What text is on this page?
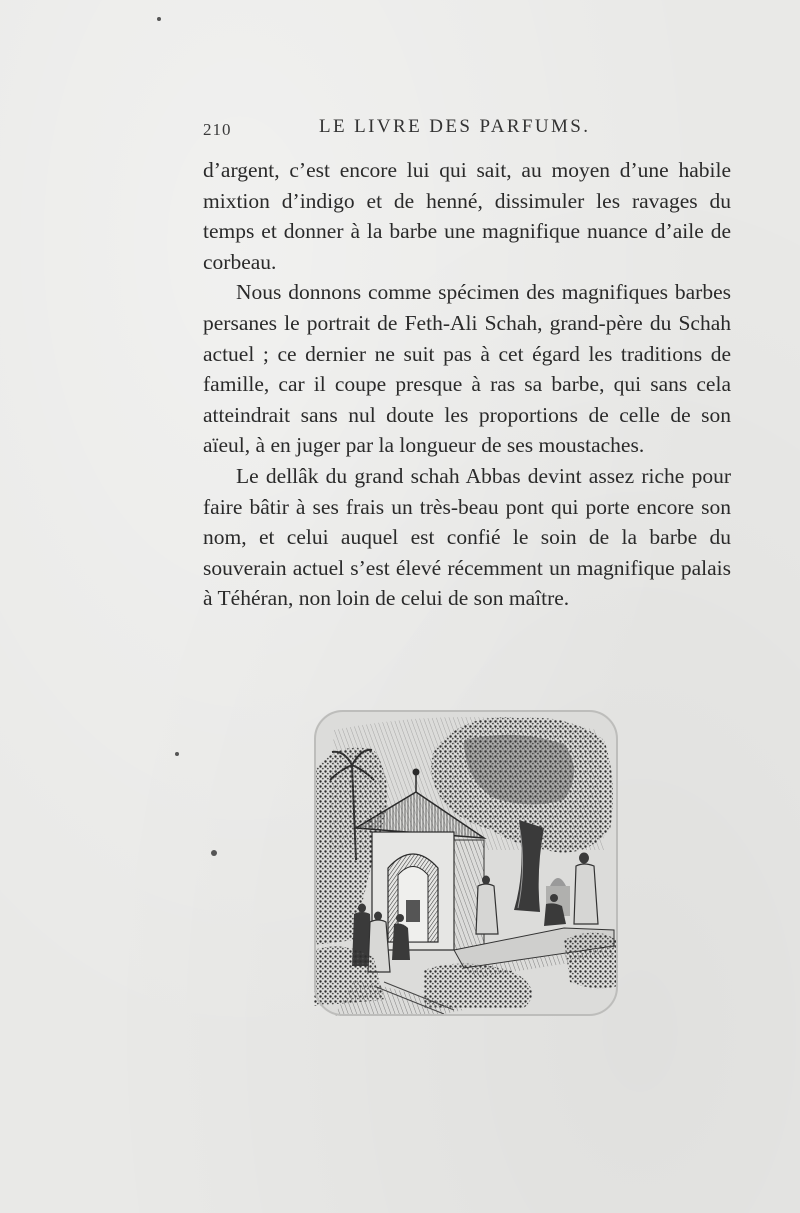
210	LE LIVRE DES PARFUMS.

d’argent, c’est encore lui qui sait, au moyen d’une habile mixtion d’indigo et de henné, dissimuler les ravages du temps et donner à la barbe une magnifique nuance d’aile de corbeau.

Nous donnons comme spécimen des magnifiques barbes persanes le portrait de Feth-Ali Schah, grand-père du Schah actuel ; ce dernier ne suit pas à cet égard les traditions de famille, car il coupe presque à ras sa barbe, qui sans cela atteindrait sans nul doute les proportions de celle de son aïeul, à en juger par la longueur de ses moustaches.

Le dellâk du grand schah Abbas devint assez riche pour faire bâtir à ses frais un très-beau pont qui porte encore son nom, et celui auquel est confié le soin de la barbe du souverain actuel s’est élevé récemment un magnifique palais à Téhéran, non loin de celui de son maître.
